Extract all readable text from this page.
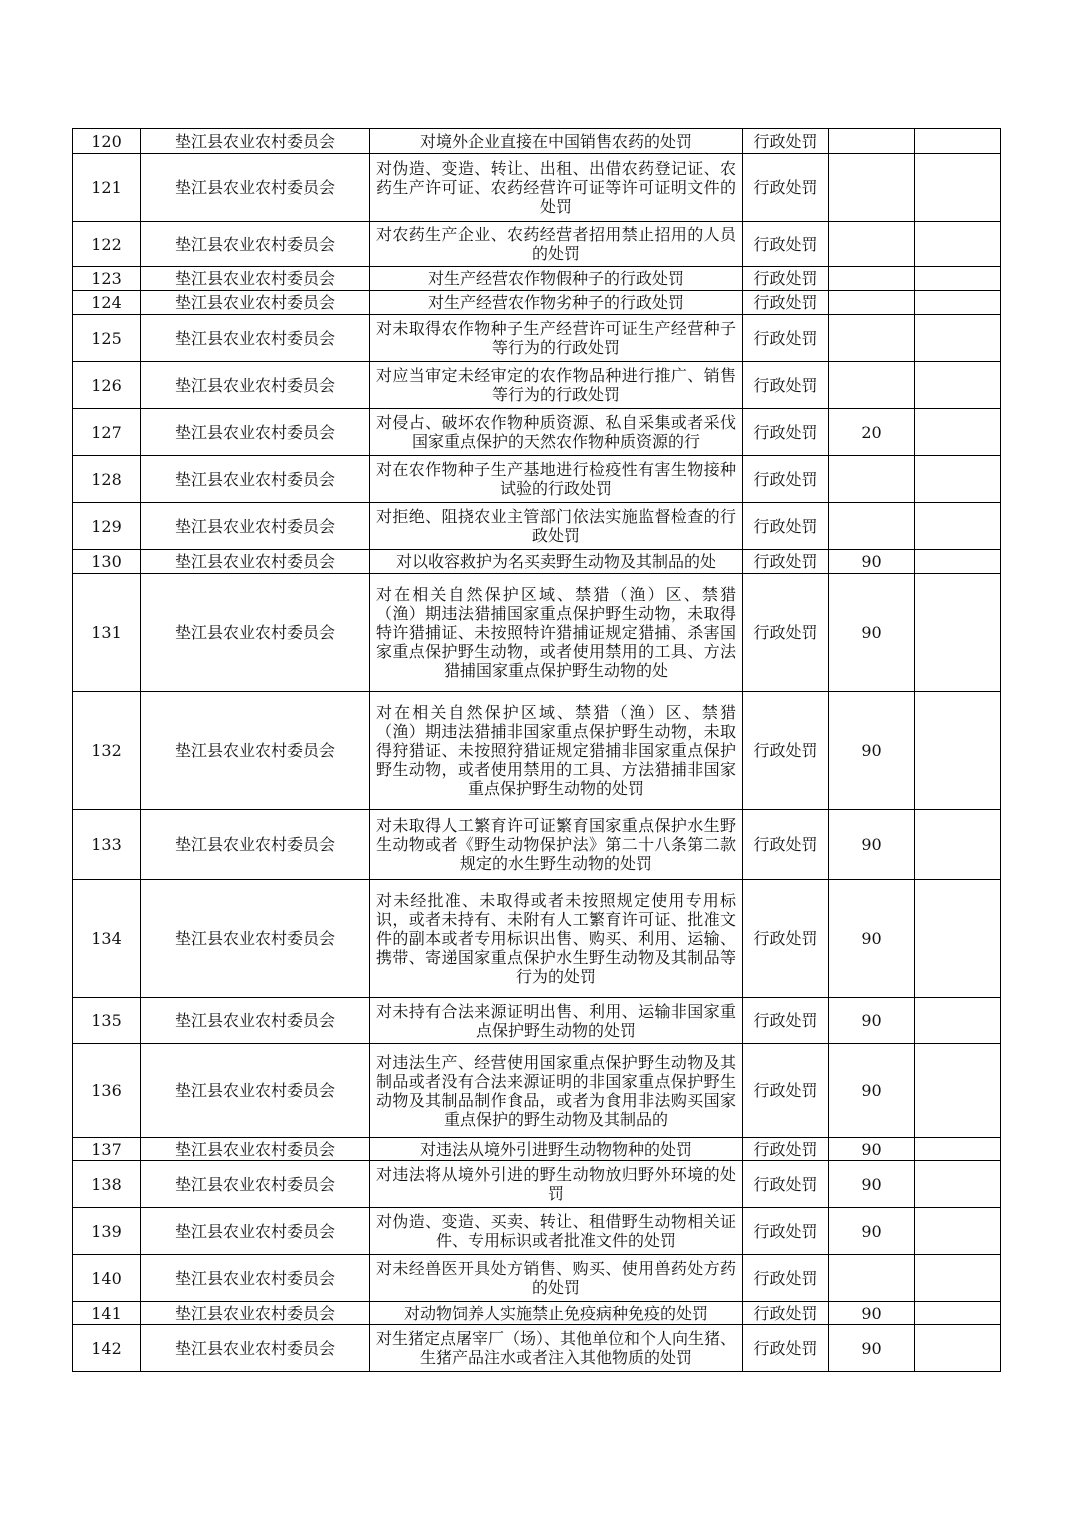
120	垫江县农业农村委员会	对境外企业直接在中国销售农药的处罚	行政处罚		
121	垫江县农业农村委员会	对伪造、变造、转让、出租、出借农药登记证、农药生产许可证、农药经营许可证等许可证明文件的处罚	行政处罚		
122	垫江县农业农村委员会	对农药生产企业、农药经营者招用禁止招用的人员的处罚	行政处罚		
123	垫江县农业农村委员会	对生产经营农作物假种子的行政处罚	行政处罚		
124	垫江县农业农村委员会	对生产经营农作物劣种子的行政处罚	行政处罚		
125	垫江县农业农村委员会	对未取得农作物种子生产经营许可证生产经营种子等行为的行政处罚	行政处罚		
126	垫江县农业农村委员会	对应当审定未经审定的农作物品种进行推广、销售等行为的行政处罚	行政处罚		
127	垫江县农业农村委员会	对侵占、破坏农作物种质资源、私自采集或者采伐国家重点保护的天然农作物种质资源的行	行政处罚	20	
128	垫江县农业农村委员会	对在农作物种子生产基地进行检疫性有害生物接种试验的行政处罚	行政处罚		
129	垫江县农业农村委员会	对拒绝、阻挠农业主管部门依法实施监督检查的行政处罚	行政处罚		
130	垫江县农业农村委员会	对以收容救护为名买卖野生动物及其制品的处	行政处罚	90	
131	垫江县农业农村委员会	对在相关自然保护区域、禁猎（渔）区、禁猎（渔）期违法猎捕国家重点保护野生动物，未取得特许猎捕证、未按照特许猎捕证规定猎捕、杀害国家重点保护野生动物，或者使用禁用的工具、方法猎捕国家重点保护野生动物的处	行政处罚	90	
132	垫江县农业农村委员会	对在相关自然保护区域、禁猎（渔）区、禁猎（渔）期违法猎捕非国家重点保护野生动物，未取得狩猎证、未按照狩猎证规定猎捕非国家重点保护野生动物，或者使用禁用的工具、方法猎捕非国家重点保护野生动物的处罚	行政处罚	90	
133	垫江县农业农村委员会	对未取得人工繁育许可证繁育国家重点保护水生野生动物或者《野生动物保护法》第二十八条第二款规定的水生野生动物的处罚	行政处罚	90	
134	垫江县农业农村委员会	对未经批准、未取得或者未按照规定使用专用标识，或者未持有、未附有人工繁育许可证、批准文件的副本或者专用标识出售、购买、利用、运输、携带、寄递国家重点保护水生野生动物及其制品等行为的处罚	行政处罚	90	
135	垫江县农业农村委员会	对未持有合法来源证明出售、利用、运输非国家重点保护野生动物的处罚	行政处罚	90	
136	垫江县农业农村委员会	对违法生产、经营使用国家重点保护野生动物及其制品或者没有合法来源证明的非国家重点保护野生动物及其制品制作食品，或者为食用非法购买国家重点保护的野生动物及其制品的	行政处罚	90	
137	垫江县农业农村委员会	对违法从境外引进野生动物物种的处罚	行政处罚	90	
138	垫江县农业农村委员会	对违法将从境外引进的野生动物放归野外环境的处罚	行政处罚	90	
139	垫江县农业农村委员会	对伪造、变造、买卖、转让、租借野生动物相关证件、专用标识或者批准文件的处罚	行政处罚	90	
140	垫江县农业农村委员会	对未经兽医开具处方销售、购买、使用兽药处方药的处罚	行政处罚		
141	垫江县农业农村委员会	对动物饲养人实施禁止免疫病种免疫的处罚	行政处罚	90	
142	垫江县农业农村委员会	对生猪定点屠宰厂（场）、其他单位和个人向生猪、生猪产品注水或者注入其他物质的处罚	行政处罚	90	
